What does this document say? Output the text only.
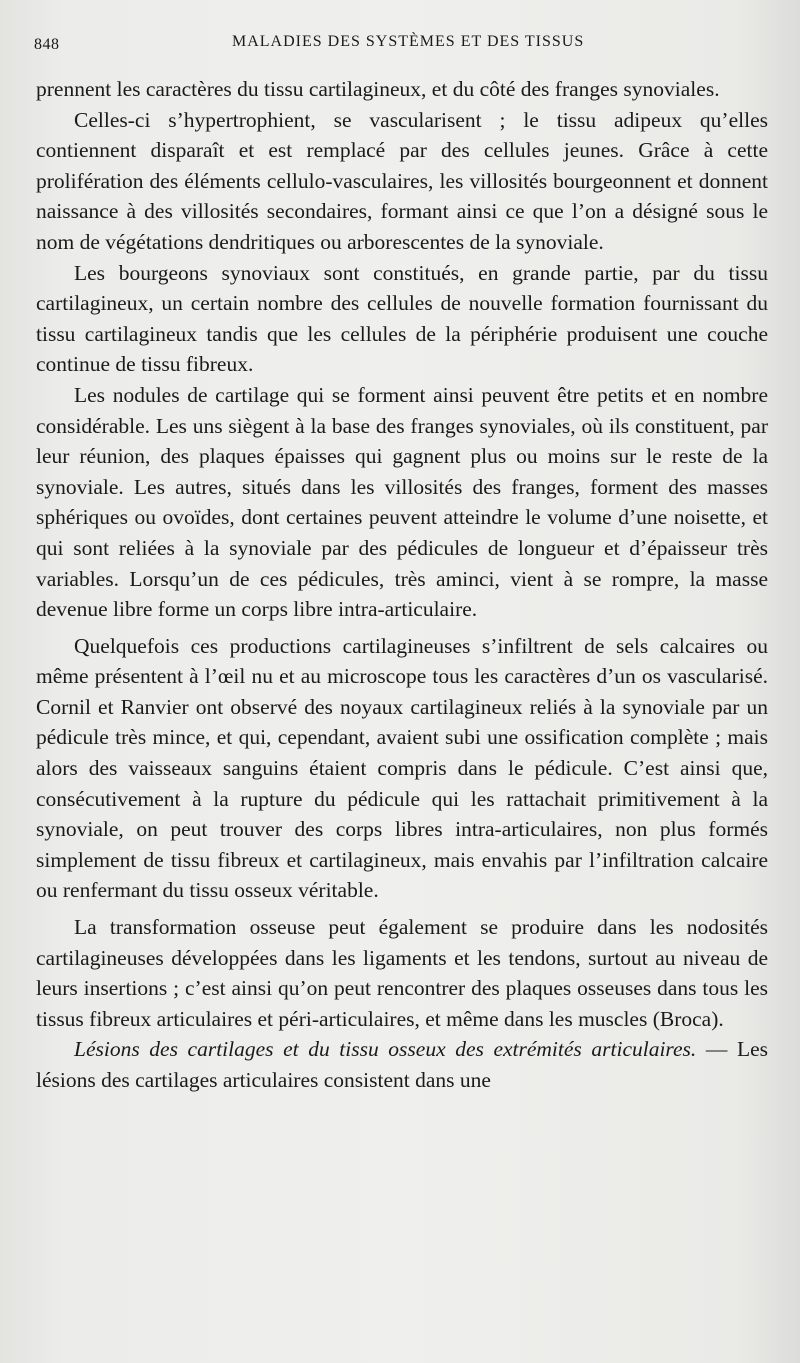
848	MALADIES DES SYSTÈMES ET DES TISSUS

prennent les caractères du tissu cartilagineux, et du côté des franges synoviales.

Celles-ci s’hypertrophient, se vascularisent ; le tissu adipeux qu’elles contiennent disparaît et est remplacé par des cellules jeunes. Grâce à cette prolifération des éléments cellulo-vasculaires, les villosités bourgeonnent et donnent naissance à des villosités secondaires, formant ainsi ce que l’on a désigné sous le nom de végétations dendritiques ou arborescentes de la synoviale.

Les bourgeons synoviaux sont constitués, en grande partie, par du tissu cartilagineux, un certain nombre des cellules de nouvelle formation fournissant du tissu cartilagineux tandis que les cellules de la périphérie produisent une couche continue de tissu fibreux.

Les nodules de cartilage qui se forment ainsi peuvent être petits et en nombre considérable. Les uns siègent à la base des franges synoviales, où ils constituent, par leur réunion, des plaques épaisses qui gagnent plus ou moins sur le reste de la synoviale. Les autres, situés dans les villosités des franges, forment des masses sphériques ou ovoïdes, dont certaines peuvent atteindre le volume d’une noisette, et qui sont reliées à la synoviale par des pédicules de longueur et d’épaisseur très variables. Lorsqu’un de ces pédicules, très aminci, vient à se rompre, la masse devenue libre forme un corps libre intra-articulaire.

Quelquefois ces productions cartilagineuses s’infiltrent de sels calcaires ou même présentent à l’œil nu et au microscope tous les caractères d’un os vascularisé. Cornil et Ranvier ont observé des noyaux cartilagineux reliés à la synoviale par un pédicule très mince, et qui, cependant, avaient subi une ossification complète ; mais alors des vaisseaux sanguins étaient compris dans le pédicule. C’est ainsi que, consécutivement à la rupture du pédicule qui les rattachait primitivement à la synoviale, on peut trouver des corps libres intra-articulaires, non plus formés simplement de tissu fibreux et cartilagineux, mais envahis par l’infiltration calcaire ou renfermant du tissu osseux véritable.

La transformation osseuse peut également se produire dans les nodosités cartilagineuses développées dans les ligaments et les tendons, surtout au niveau de leurs insertions ; c’est ainsi qu’on peut rencontrer des plaques osseuses dans tous les tissus fibreux articulaires et péri-articulaires, et même dans les muscles (Broca).

Lésions des cartilages et du tissu osseux des extrémités articulaires. — Les lésions des cartilages articulaires consistent dans une
